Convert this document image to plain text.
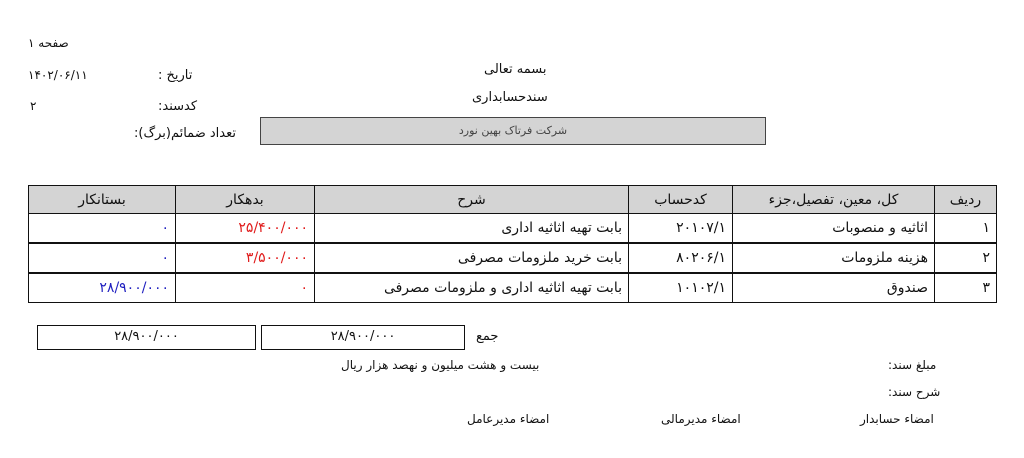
صفحه ۱
۱۴۰۲/۰۶/۱۱	تاریخ :
۲	کدسند:
تعداد ضمائم(برگ):
بسمه تعالی
سندحسابداری
شرکت فرتاک بهین نورد
بستانکار	بدهکار	شرح	کدحساب	کل، معین، تفصیل،جزء	ردیف
۰	۲۵/۴۰۰/۰۰۰	بابت تهیه اثاثیه اداری	۲۰۱۰۷/۱	اثاثیه و منصوبات	۱
۰	۳/۵۰۰/۰۰۰	بابت خرید ملزومات مصرفی	۸۰۲۰۶/۱	هزینه ملزومات	۲
۲۸/۹۰۰/۰۰۰	۰	بابت تهیه اثاثیه اداری و ملزومات مصرفی	۱۰۱۰۲/۱	صندوق	۳
۲۸/۹۰۰/۰۰۰	۲۸/۹۰۰/۰۰۰	جمع
مبلغ سند:
بیست و هشت میلیون و نهصد هزار ریال
شرح سند:
امضاء حسابدار
امضاء مدیرمالی
امضاء مدیرعامل
